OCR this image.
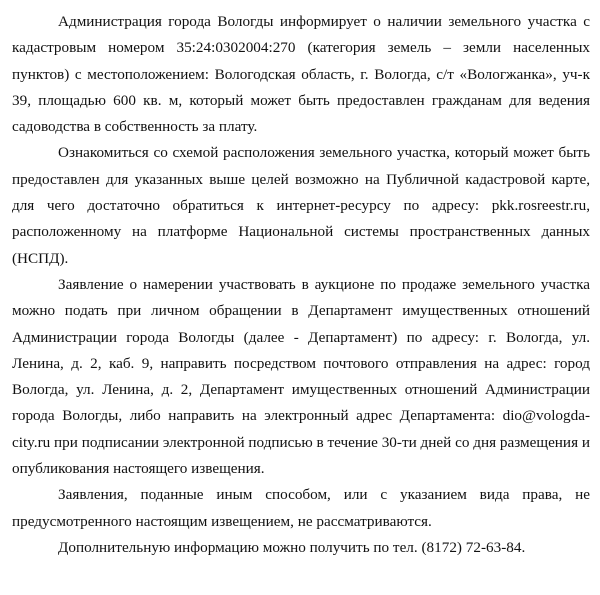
Администрация города Вологды информирует о наличии земельного участка с кадастровым номером 35:24:0302004:270 (категория земель – земли населенных пунктов) с местоположением: Вологодская область, г. Вологда, с/т «Вологжанка», уч-к 39, площадью 600 кв. м, который может быть предоставлен гражданам для ведения садоводства в собственность за плату.

Ознакомиться со схемой расположения земельного участка, который может быть предоставлен для указанных выше целей возможно на Публичной кадастровой карте, для чего достаточно обратиться к интернет-ресурсу по адресу: pkk.rosreestr.ru, расположенному на платформе Национальной системы пространственных данных (НСПД).

Заявление о намерении участвовать в аукционе по продаже земельного участка можно подать при личном обращении в Департамент имущественных отношений Администрации города Вологды (далее - Департамент) по адресу: г. Вологда, ул. Ленина, д. 2, каб. 9, направить посредством почтового отправления на адрес: город Вологда, ул. Ленина, д. 2, Департамент имущественных отношений Администрации города Вологды, либо направить на электронный адрес Департамента: dio@vologda-city.ru при подписании электронной подписью в течение 30-ти дней со дня размещения и опубликования настоящего извещения.

Заявления, поданные иным способом, или с указанием вида права, не предусмотренного настоящим извещением, не рассматриваются.

Дополнительную информацию можно получить по тел. (8172) 72-63-84.
